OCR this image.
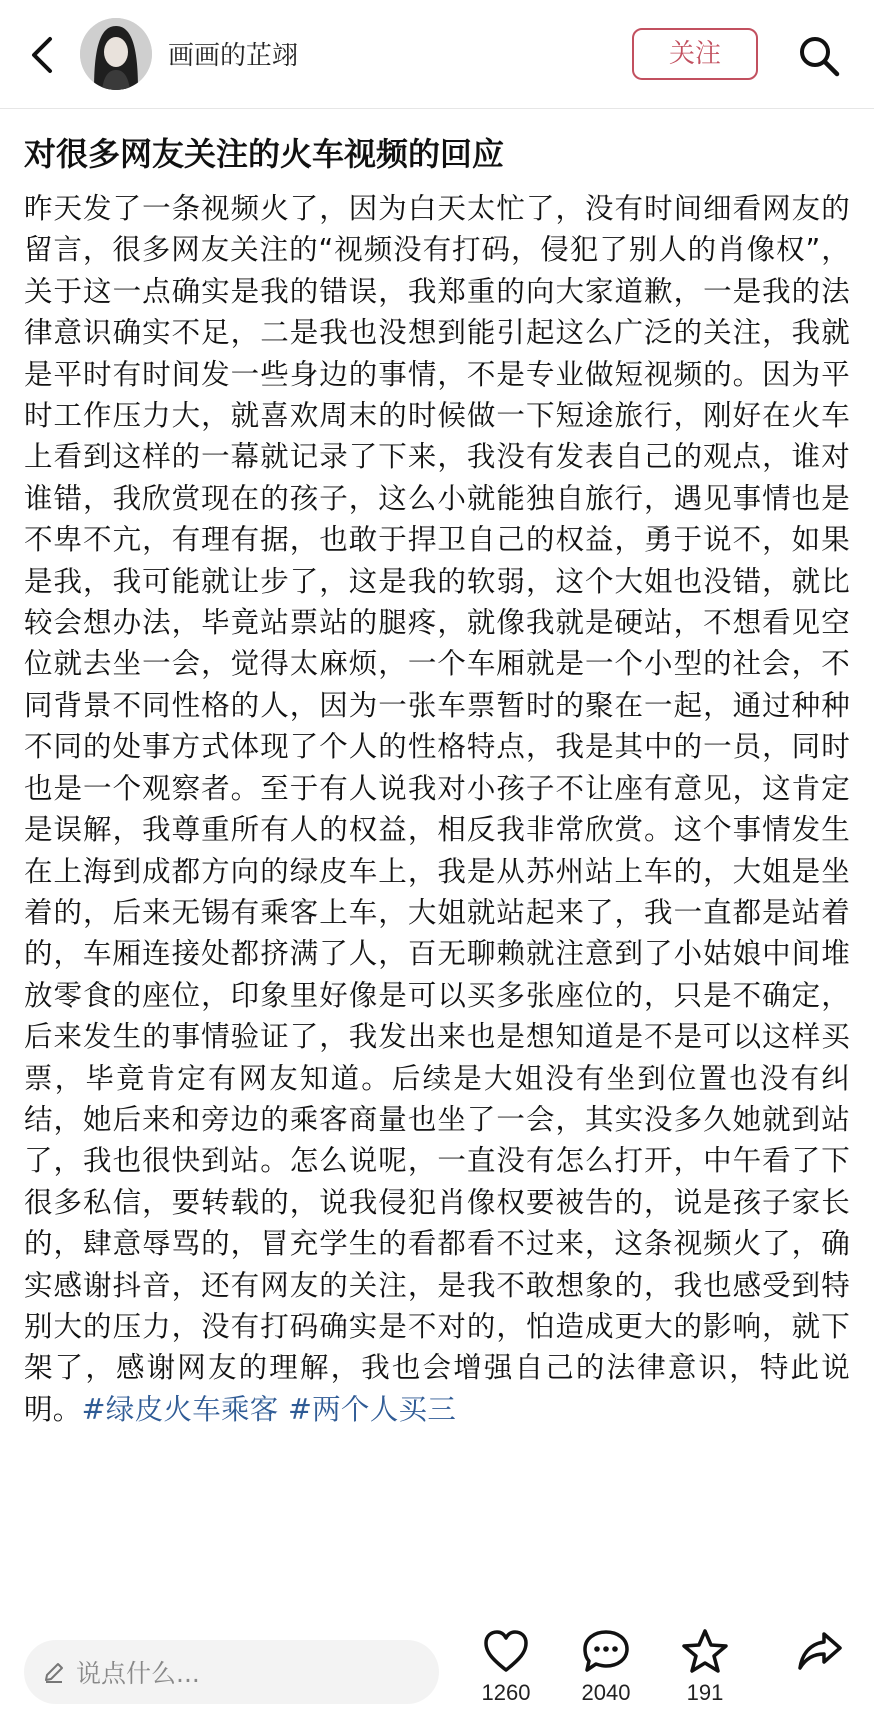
画画的芷翊	关注
对很多网友关注的火车视频的回应

昨天发了一条视频火了，因为白天太忙了，没有时间细看网友的留言，很多网友关注的“视频没有打码，侵犯了别人的肖像权”，关于这一点确实是我的错误，我郑重的向大家道歉，一是我的法律意识确实不足，二是我也没想到能引起这么广泛的关注，我就是平时有时间发一些身边的事情，不是专业做短视频的。因为平时工作压力大，就喜欢周末的时候做一下短途旅行，刚好在火车上看到这样的一幕就记录了下来，我没有发表自己的观点，谁对谁错，我欣赏现在的孩子，这么小就能独自旅行，遇见事情也是不卑不亢，有理有据，也敢于捍卫自己的权益，勇于说不，如果是我，我可能就让步了，这是我的软弱，这个大姐也没错，就比较会想办法，毕竟站票站的腿疼，就像我就是硬站，不想看见空位就去坐一会，觉得太麻烦，一个车厢就是一个小型的社会，不同背景不同性格的人，因为一张车票暂时的聚在一起，通过种种不同的处事方式体现了个人的性格特点，我是其中的一员，同时也是一个观察者。至于有人说我对小孩子不让座有意见，这肯定是误解，我尊重所有人的权益，相反我非常欣赏。这个事情发生在上海到成都方向的绿皮车上，我是从苏州站上车的，大姐是坐着的，后来无锡有乘客上车，大姐就站起来了，我一直都是站着的，车厢连接处都挤满了人，百无聊赖就注意到了小姑娘中间堆放零食的座位，印象里好像是可以买多张座位的，只是不确定，后来发生的事情验证了，我发出来也是想知道是不是可以这样买票，毕竟肯定有网友知道。后续是大姐没有坐到位置也没有纠结，她后来和旁边的乘客商量也坐了一会，其实没多久她就到站了，我也很快到站。怎么说呢，一直没有怎么打开，中午看了下很多私信，要转载的，说我侵犯肖像权要被告的，说是孩子家长的，肆意辱骂的，冒充学生的看都看不过来，这条视频火了，确实感谢抖音，还有网友的关注，是我不敢想象的，我也感受到特别大的压力，没有打码确实是不对的，怕造成更大的影响，就下架了，感谢网友的理解，我也会增强自己的法律意识，特此说明。#绿皮火车乘客 #两个人买三

说点什么...
1260	2040	191
